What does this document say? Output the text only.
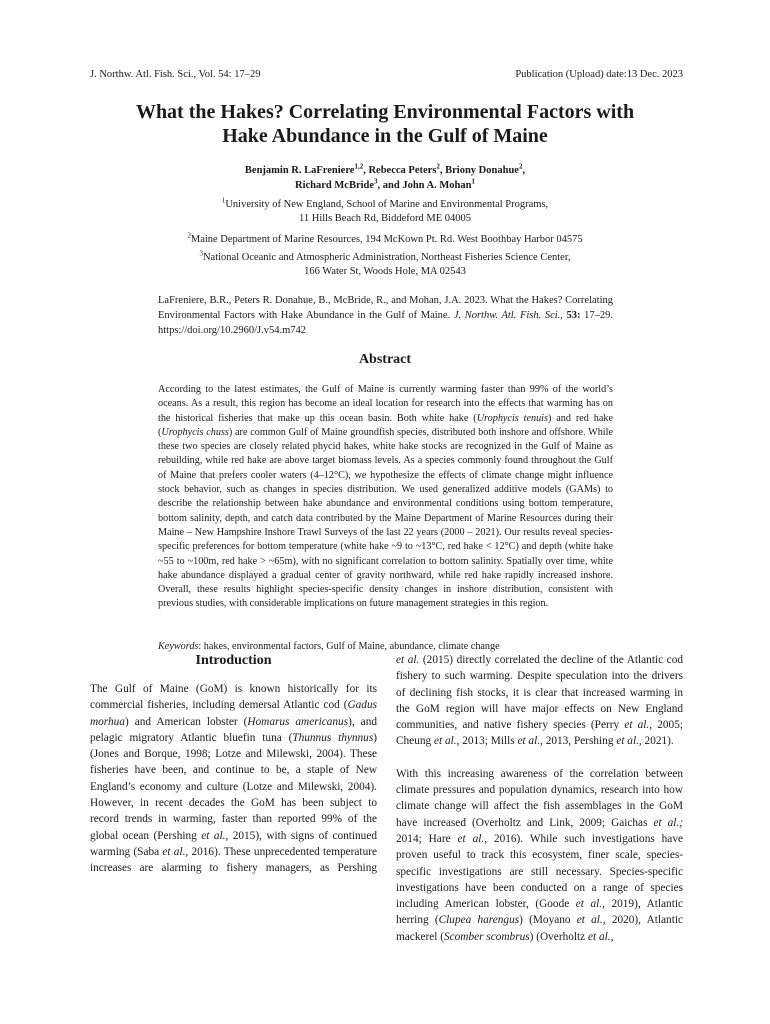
J. Northw. Atl. Fish. Sci., Vol. 54: 17–29	Publication (Upload) date:13 Dec. 2023
What the Hakes? Correlating Environmental Factors with
Hake Abundance in the Gulf of Maine
Benjamin R. LaFreniere$^{1,2}$, Rebecca Peters$^2$, Briony Donahue$^2$,
Richard McBride$^3$, and John A. Mohan$^1$
$^1$University of New England, School of Marine and Environmental Programs,
11 Hills Beach Rd, Biddeford ME 04005
$^2$Maine Department of Marine Resources, 194 McKown Pt. Rd. West Boothbay Harbor 04575
$^3$National Oceanic and Atmospheric Administration, Northeast Fisheries Science Center,
166 Water St, Woods Hole, MA 02543
LaFreniere, B.R., Peters R. Donahue, B., McBride, R., and Mohan, J.A. 2023. What the Hakes? Correlating Environmental Factors with Hake Abundance in the Gulf of Maine. J. Northw. Atl. Fish. Sci., 53: 17–29. https://doi.org/10.2960/J.v54.m742
Abstract
According to the latest estimates, the Gulf of Maine is currently warming faster than 99% of the world’s oceans. As a result, this region has become an ideal location for research into the effects that warming has on the historical fisheries that make up this ocean basin. Both white hake (Urophycis tenuis) and red hake (Urophycis chuss) are common Gulf of Maine groundfish species, distributed both inshore and offshore. While these two species are closely related phycid hakes, white hake stocks are recognized in the Gulf of Maine as rebuilding, while red hake are above target biomass levels. As a species commonly found throughout the Gulf of Maine that prefers cooler waters (4–12°C), we hypothesize the effects of climate change might influence stock behavior, such as changes in species distribution. We used generalized additive models (GAMs) to describe the relationship between hake abundance and environmental conditions using bottom temperature, bottom salinity, depth, and catch data contributed by the Maine Department of Marine Resources during their Maine – New Hampshire Inshore Trawl Surveys of the last 22 years (2000 – 2021). Our results reveal species-specific preferences for bottom temperature (white hake ~9 to ~13°C, red hake < 12°C) and depth (white hake ~55 to ~100m, red hake > ~65m), with no significant correlation to bottom salinity. Spatially over time, white hake abundance displayed a gradual center of gravity northward, while red hake rapidly increased inshore. Overall, these results highlight species-specific density changes in inshore distribution, consistent with previous studies, with considerable implications on future management strategies in this region.
Keywords: hakes, environmental factors, Gulf of Maine, abundance, climate change
Introduction

The Gulf of Maine (GoM) is known historically for its commercial fisheries, including demersal Atlantic cod (Gadus morhua) and American lobster (Homarus americanus), and pelagic migratory Atlantic bluefin tuna (Thunnus thynnus) (Jones and Borque, 1998; Lotze and Milewski, 2004). These fisheries have been, and continue to be, a staple of New England’s economy and culture (Lotze and Milewski, 2004). However, in recent decades the GoM has been subject to record trends in warming, faster than reported 99% of the global ocean (Pershing et al., 2015), with signs of continued warming (Saba et al., 2016). These unprecedented temperature increases are alarming to fishery managers, as Pershing

et al. (2015) directly correlated the decline of the Atlantic cod fishery to such warming. Despite speculation into the drivers of declining fish stocks, it is clear that increased warming in the GoM region will have major effects on New England communities, and native fishery species (Perry et al., 2005; Cheung et al., 2013; Mills et al., 2013, Pershing et al., 2021).

With this increasing awareness of the correlation between climate pressures and population dynamics, research into how climate change will affect the fish assemblages in the GoM have increased (Overholtz and Link, 2009; Gaichas et al.; 2014; Hare et al., 2016). While such investigations have proven useful to track this ecosystem, finer scale, species-specific investigations are still necessary. Species-specific investigations have been conducted on a range of species including American lobster, (Goode et al., 2019), Atlantic herring (Clupea harengus) (Moyano et al., 2020), Atlantic mackerel (Scomber scombrus) (Overholtz et al.,
